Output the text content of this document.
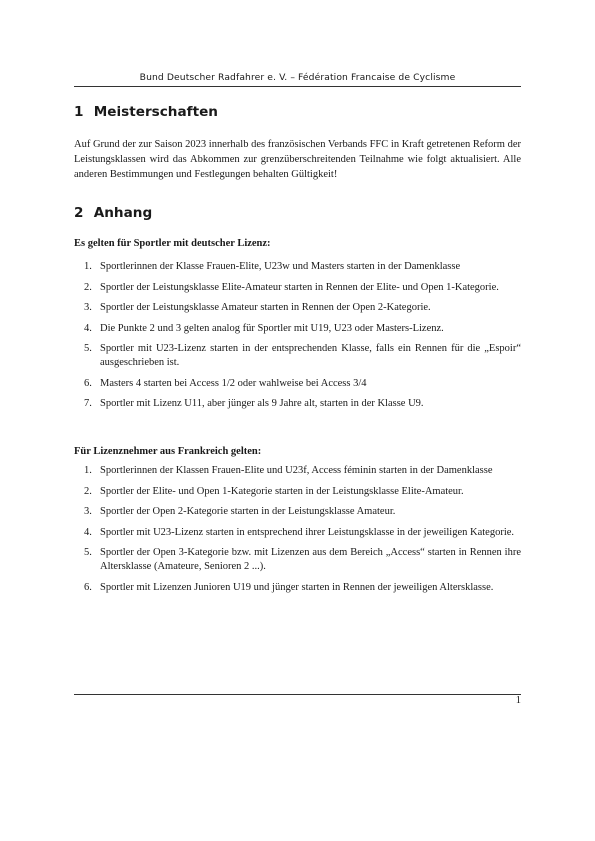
Bund Deutscher Radfahrer e. V. – Fédération Francaise de Cyclisme
1 Meisterschaften

Auf Grund der zur Saison 2023 innerhalb des französischen Verbands FFC in Kraft getretenen Reform der Leistungsklassen wird das Abkommen zur grenzüberschreitenden Teilnahme wie folgt aktualisiert. Alle anderen Bestimmungen und Festlegungen behalten Gültigkeit!

2 Anhang

Es gelten für Sportler mit deutscher Lizenz:

1. Sportlerinnen der Klasse Frauen-Elite, U23w und Masters starten in der Damenklasse
2. Sportler der Leistungsklasse Elite-Amateur starten in Rennen der Elite- und Open 1-Kategorie.
3. Sportler der Leistungsklasse Amateur starten in Rennen der Open 2-Kategorie.
4. Die Punkte 2 und 3 gelten analog für Sportler mit U19, U23 oder Masters-Lizenz.
5. Sportler mit U23-Lizenz starten in der entsprechenden Klasse, falls ein Rennen für die „Espoir“ ausgeschrieben ist.
6. Masters 4 starten bei Access 1/2 oder wahlweise bei Access 3/4
7. Sportler mit Lizenz U11, aber jünger als 9 Jahre alt, starten in der Klasse U9.

Für Lizenznehmer aus Frankreich gelten:

1. Sportlerinnen der Klassen Frauen-Elite und U23f, Access féminin starten in der Damenklasse
2. Sportler der Elite- und Open 1-Kategorie starten in der Leistungsklasse Elite-Amateur.
3. Sportler der Open 2-Kategorie starten in der Leistungsklasse Amateur.
4. Sportler mit U23-Lizenz starten in entsprechend ihrer Leistungsklasse in der jeweiligen Kategorie.
5. Sportler der Open 3-Kategorie bzw. mit Lizenzen aus dem Bereich „Access“ starten in Rennen ihre Altersklasse (Amateure, Senioren 2 ...).
6. Sportler mit Lizenzen Junioren U19 und jünger starten in Rennen der jeweiligen Altersklasse.
1
